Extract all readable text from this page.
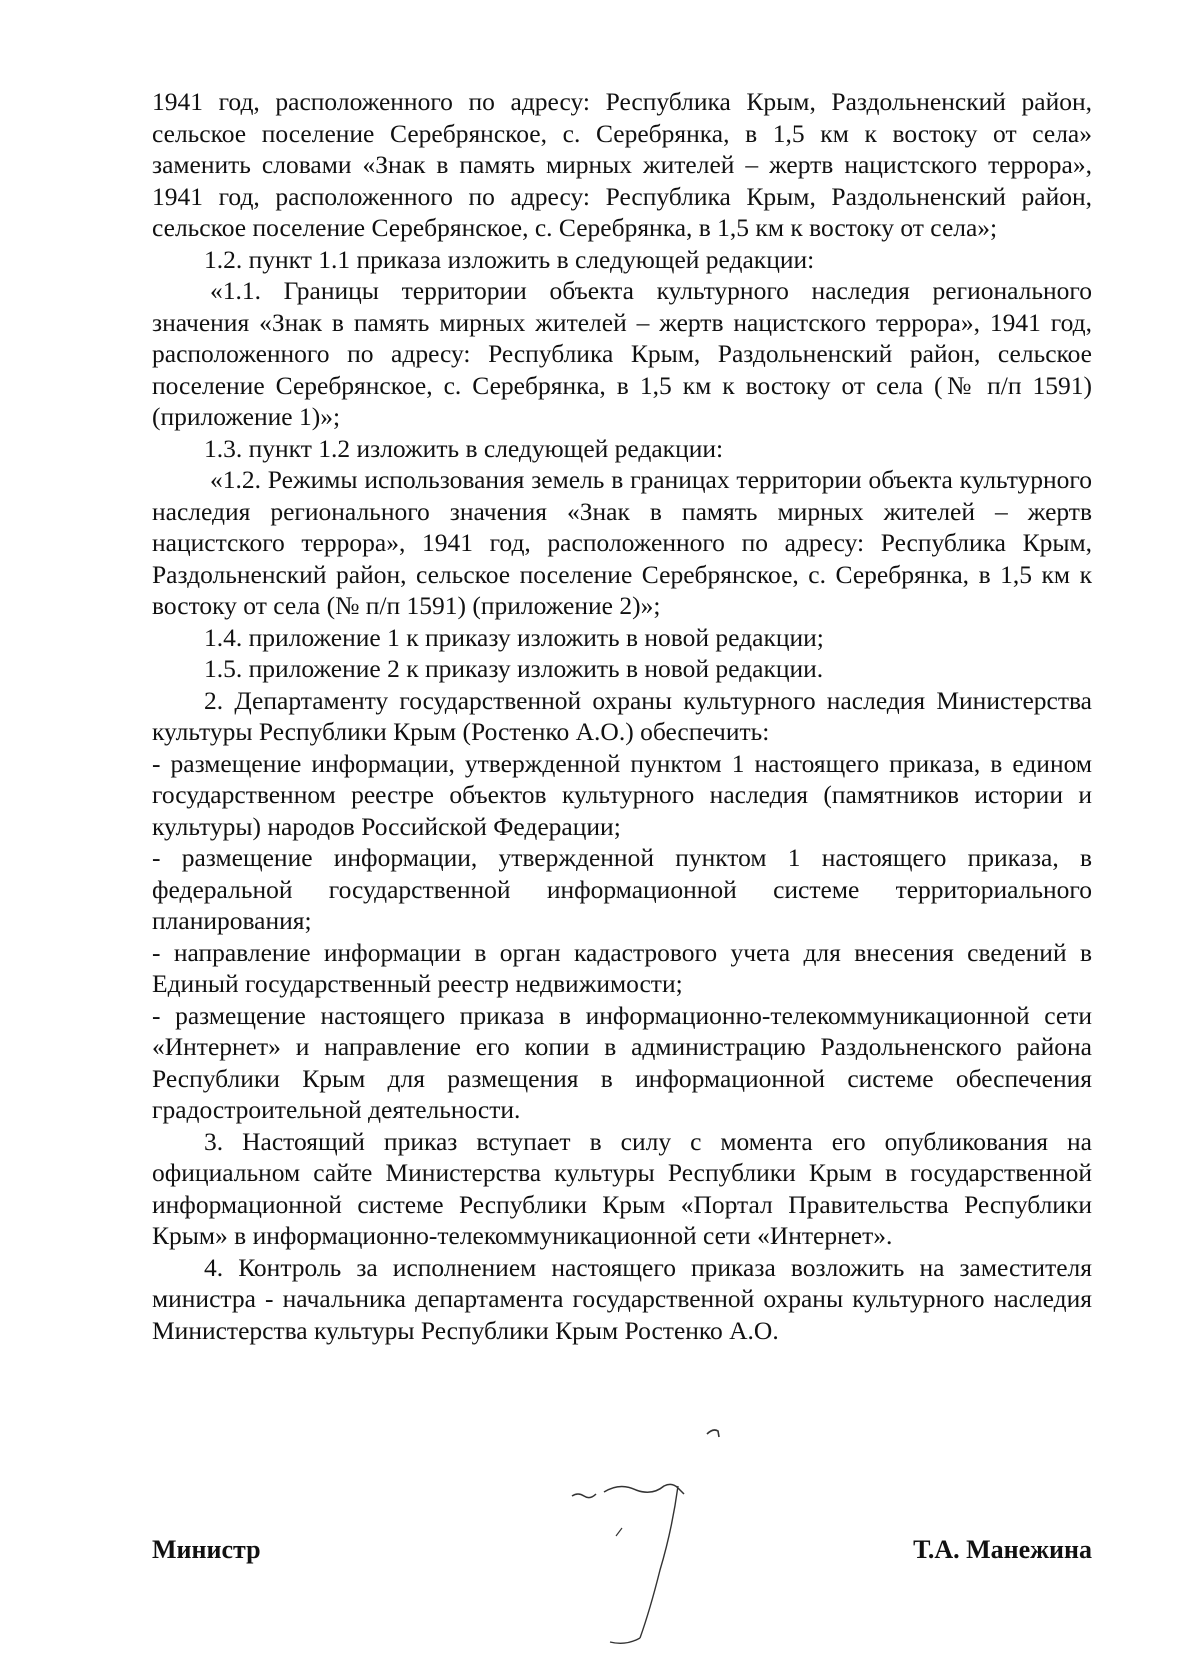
1941 год, расположенного по адресу: Республика Крым, Раздольненский район, сельское поселение Серебрянское, с. Серебрянка, в 1,5 км к востоку от села» заменить словами «Знак в память мирных жителей – жертв нацистского террора», 1941 год, расположенного по адресу: Республика Крым, Раздольненский район, сельское поселение Серебрянское, с. Серебрянка, в 1,5 км к востоку от села»;

1.2. пункт 1.1 приказа изложить в следующей редакции:

«1.1. Границы территории объекта культурного наследия регионального значения «Знак в память мирных жителей – жертв нацистского террора», 1941 год, расположенного по адресу: Республика Крым, Раздольненский район, сельское поселение Серебрянское, с. Серебрянка, в 1,5 км к востоку от села (№ п/п 1591) (приложение 1)»;

1.3. пункт 1.2 изложить в следующей редакции:

«1.2. Режимы использования земель в границах территории объекта культурного наследия регионального значения «Знак в память мирных жителей – жертв нацистского террора», 1941 год, расположенного по адресу: Республика Крым, Раздольненский район, сельское поселение Серебрянское, с. Серебрянка, в 1,5 км к востоку от села (№ п/п 1591) (приложение 2)»;

1.4. приложение 1 к приказу изложить в новой редакции;

1.5. приложение 2 к приказу изложить в новой редакции.

2. Департаменту государственной охраны культурного наследия Министерства культуры Республики Крым (Ростенко А.О.) обеспечить:

- размещение информации, утвержденной пунктом 1 настоящего приказа, в едином государственном реестре объектов культурного наследия (памятников истории и культуры) народов Российской Федерации;

- размещение информации, утвержденной пунктом 1 настоящего приказа, в федеральной государственной информационной системе территориального планирования;

- направление информации в орган кадастрового учета для внесения сведений в Единый государственный реестр недвижимости;

- размещение настоящего приказа в информационно-телекоммуникационной сети «Интернет» и направление его копии в администрацию Раздольненского района Республики Крым для размещения в информационной системе обеспечения градостроительной деятельности.

3. Настоящий приказ вступает в силу с момента его опубликования на официальном сайте Министерства культуры Республики Крым в государственной информационной системе Республики Крым «Портал Правительства Республики Крым» в информационно-телекоммуникационной сети «Интернет».

4. Контроль за исполнением настоящего приказа возложить на заместителя министра - начальника департамента государственной охраны культурного наследия Министерства культуры Республики Крым Ростенко А.О.

Министр	Т.А. Манежина
